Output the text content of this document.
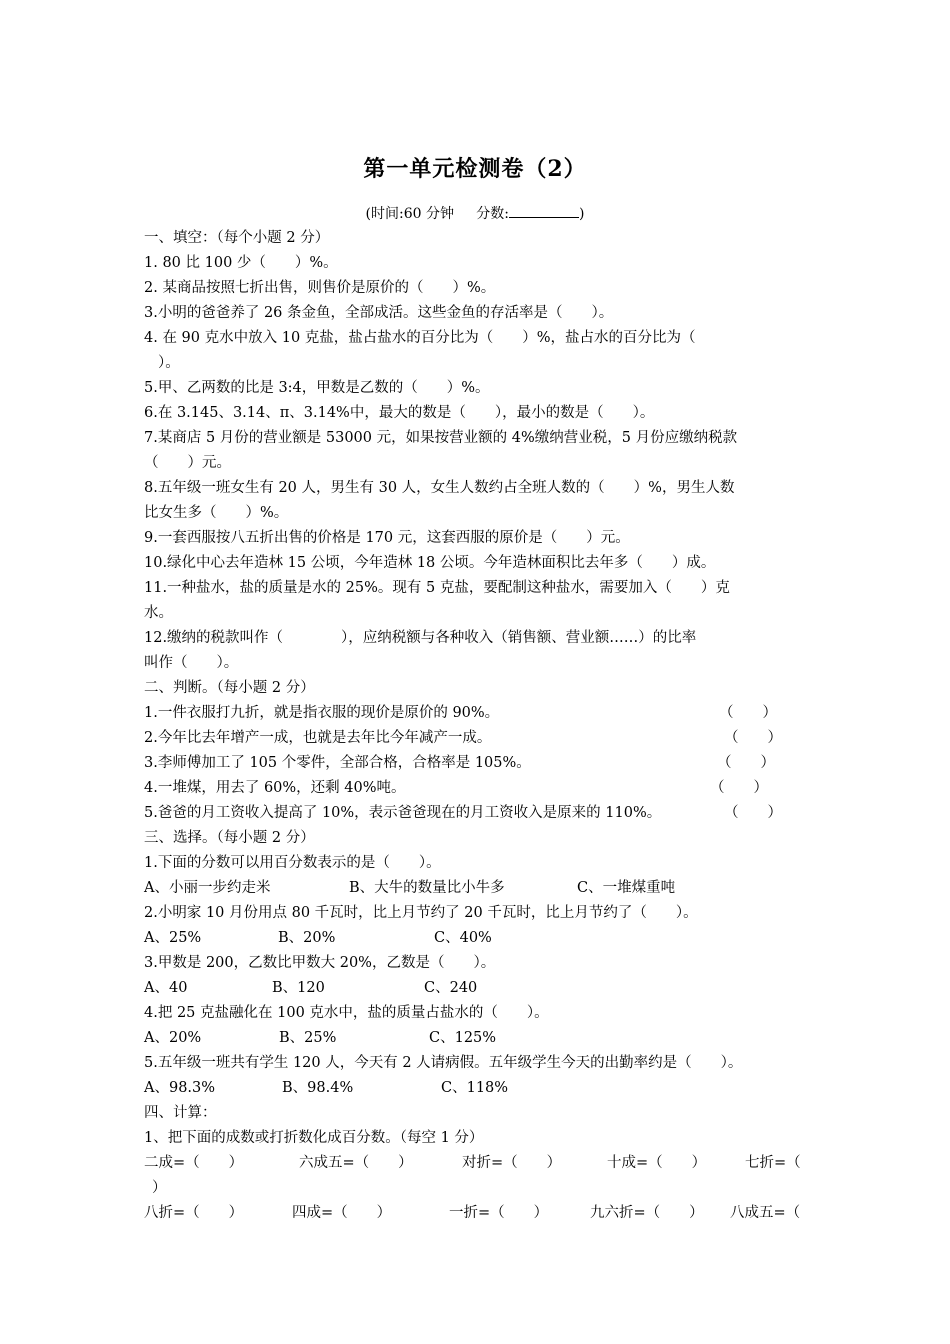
第一单元检测卷（2）
(时间:60 分钟 分数:	)
一、填空：（每个小题 2 分）
1. 80 比 100 少（　　）%。
2. 某商品按照七折出售，则售价是原价的（　　）%。
3.小明的爸爸养了 26 条金鱼，全部成活。这些金鱼的存活率是（　　）。
4. 在 90 克水中放入 10 克盐，盐占盐水的百分比为（　　）%，盐占水的百分比为（
）。
5.甲、乙两数的比是 3:4，甲数是乙数的（　　）%。
6.在 3.145、3.14、π、3.14%中，最大的数是（　　），最小的数是（　　）。
7.某商店 5 月份的营业额是 53000 元，如果按营业额的 4%缴纳营业税，5 月份应缴纳税款
（　　）元。
8.五年级一班女生有 20 人，男生有 30 人，女生人数约占全班人数的（　　）%，男生人数
比女生多（　　）%。
9.一套西服按八五折出售的价格是 170 元，这套西服的原价是（　　）元。
10.绿化中心去年造林 15 公顷，今年造林 18 公顷。今年造林面积比去年多（　　）成。
11.一种盐水，盐的质量是水的 25%。现有 5 克盐，要配制这种盐水，需要加入（　　）克
水。
12.缴纳的税款叫作（　　　　），应纳税额与各种收入（销售额、营业额……）的比率
叫作（　　）。
二、判断。（每小题 2 分）
1.一件衣服打九折，就是指衣服的现价是原价的 90%。	（　　）
2.今年比去年增产一成，也就是去年比今年减产一成。	（　　）
3.李师傅加工了 105 个零件，全部合格，合格率是 105%。	（　　）
4.一堆煤，用去了 60%，还剩 40%吨。	（　　）
5.爸爸的月工资收入提高了 10%，表示爸爸现在的月工资收入是原来的 110%。	（　　）
三、选择。（每小题 2 分）
1.下面的分数可以用百分数表示的是（　　）。
A、小丽一步约走米	B、大牛的数量比小牛多	C、一堆煤重吨
2.小明家 10 月份用点 80 千瓦时，比上月节约了 20 千瓦时，比上月节约了（　　）。
A、25%	B、20%	C、40%
3.甲数是 200，乙数比甲数大 20%，乙数是（　　）。
A、40	B、120	C、240
4.把 25 克盐融化在 100 克水中，盐的质量占盐水的（　　）。
A、20%	B、25%	C、125%
5.五年级一班共有学生 120 人，今天有 2 人请病假。五年级学生今天的出勤率约是（　　）。
A、98.3%	B、98.4%	C、118%
四、计算：
1、把下面的成数或打折数化成百分数。（每空 1 分）
二成=（　　）	六成五=（　　）	对折=（　　）	十成=（　　）	七折=（
）
八折=（　　）	四成=（　　）	一折=（　　）	九六折=（　　） 八成五=（
